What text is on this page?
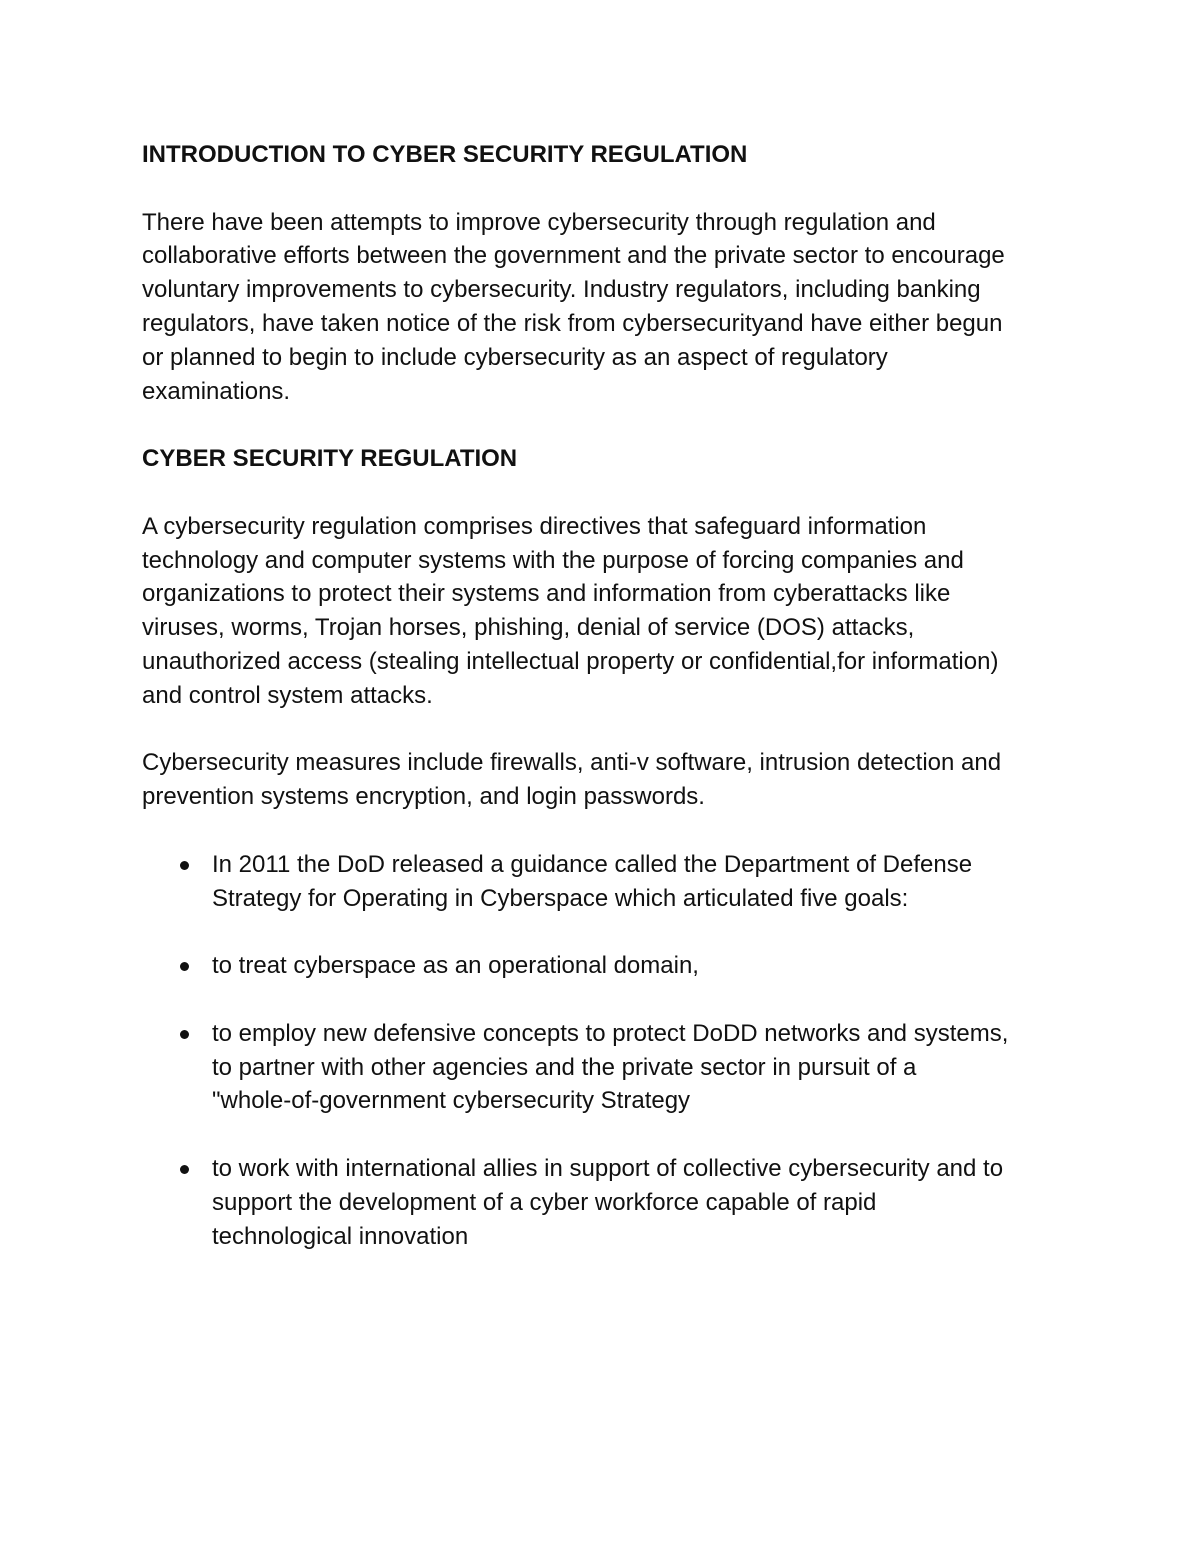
INTRODUCTION TO CYBER SECURITY REGULATION
There have been attempts to improve cybersecurity through regulation and
collaborative efforts between the government and the private sector to encourage
voluntary improvements to cybersecurity. Industry regulators, including banking
regulators, have taken notice of the risk from cybersecurityand have either begun
or planned to begin to include cybersecurity as an aspect of regulatory
examinations.
CYBER SECURITY REGULATION
A cybersecurity regulation comprises directives that safeguard information
technology and computer systems with the purpose of forcing companies and
organizations to protect their systems and information from cyberattacks like
viruses, worms, Trojan horses, phishing, denial of service (DOS) attacks,
unauthorized access (stealing intellectual property or confidential,for information)
and control system attacks.
Cybersecurity measures include firewalls, anti-v software, intrusion detection and
prevention systems encryption, and login passwords.
In 2011 the DoD released a guidance called the Department of Defense
Strategy for Operating in Cyberspace which articulated five goals:
to treat cyberspace as an operational domain,
to employ new defensive concepts to protect DoDD networks and systems,
to partner with other agencies and the private sector in pursuit of a
"whole-of-government cybersecurity Strategy
to work with international allies in support of collective cybersecurity and to
support the development of a cyber workforce capable of rapid
technological innovation
